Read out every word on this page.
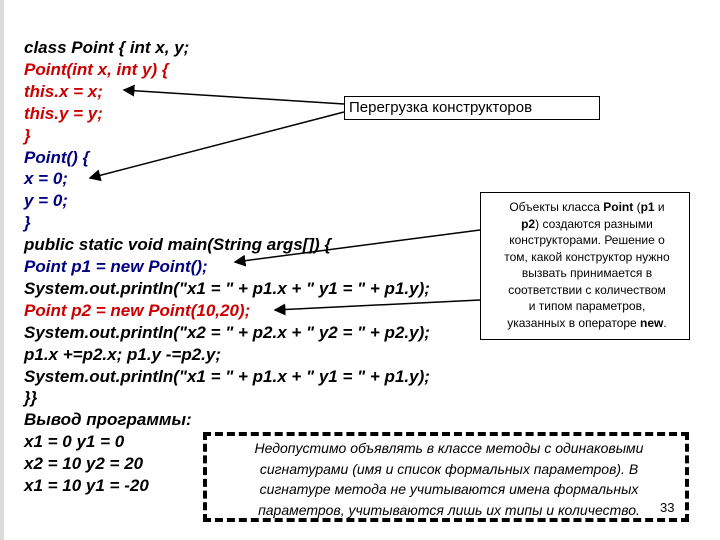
class Point { int x, y;
Point(int x, int y) {
this.x = x;
this.y = y;
}
Point() {
x = 0;
y = 0;
}
public static void main(String args[]) {
Point p1 = new Point();
System.out.println("x1 = " + p1.x + " y1 = " + p1.y);
Point p2 = new Point(10,20);
System.out.println("x2 = " + p2.x + " y2 = " + p2.y);
p1.x +=p2.x; p1.y -=p2.y;
System.out.println("x1 = " + p1.x + " y1 = " + p1.y);
}}
Вывод программы:
x1 = 0 y1 = 0
x2 = 10 y2 = 20
x1 = 10 y1 = -20
Перегрузка конструкторов
Объекты класса Point (p1 и
p2) создаются разными
конструкторами. Решение о
том, какой конструктор нужно
вызвать принимается в
соответствии с количеством
и типом параметров,
указанных в операторе new.
Недопустимо объявлять в классе методы с одинаковыми
сигнатурами (имя и список формальных параметров). В
сигнатуре метода не учитываются имена формальных
параметров, учитываются лишь их типы и количество.	33
